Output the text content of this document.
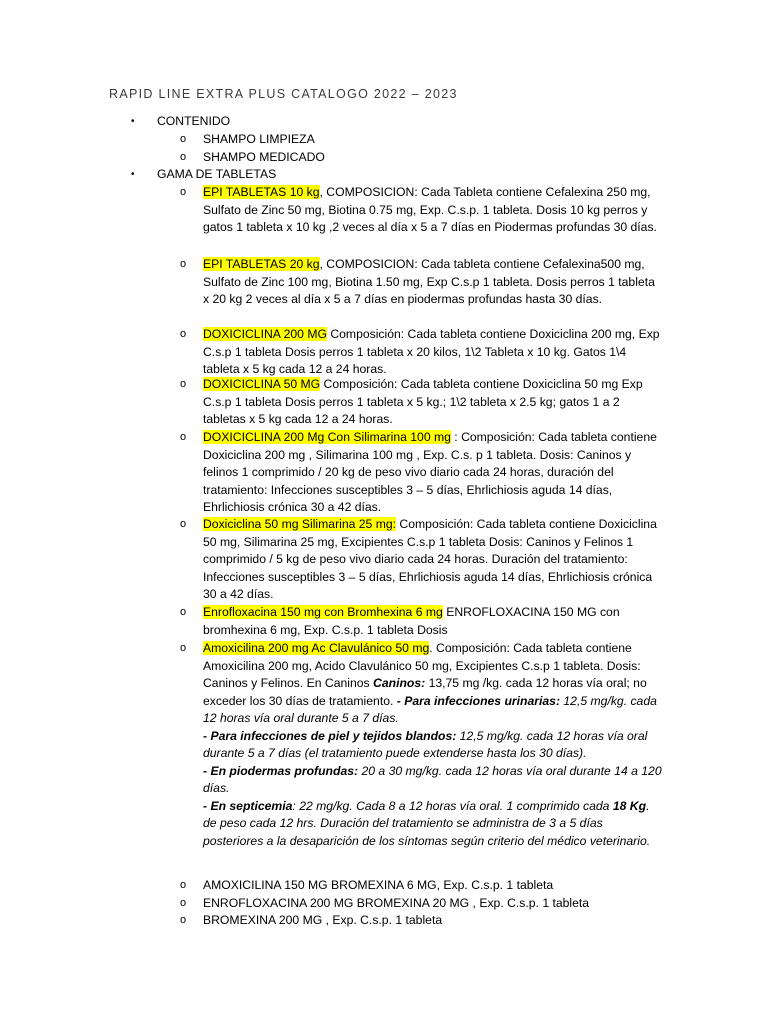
RAPID LINE EXTRA PLUS CATALOGO 2022 – 2023
• CONTENIDO
o SHAMPO LIMPIEZA
o SHAMPO MEDICADO
• GAMA DE TABLETAS
o EPI TABLETAS 10 kg, COMPOSICION: Cada Tableta contiene Cefalexina 250 mg, Sulfato de Zinc 50 mg, Biotina 0.75 mg, Exp. C.s.p. 1 tableta. Dosis 10 kg perros y gatos 1 tableta x 10 kg ,2 veces al día x 5 a 7 días en Piodermas profundas 30 días.
o EPI TABLETAS 20 kg, COMPOSICION: Cada tableta contiene Cefalexina500 mg, Sulfato de Zinc 100 mg, Biotina 1.50 mg, Exp C.s.p 1 tableta. Dosis perros 1 tableta x 20 kg 2 veces al día x 5 a 7 días en piodermas profundas hasta 30 días.
o DOXICICLINA 200 MG Composición: Cada tableta contiene Doxiciclina 200 mg, Exp C.s.p 1 tableta Dosis perros 1 tableta x 20 kilos, 1\2 Tableta x 10 kg. Gatos 1\4 tableta x 5 kg cada 12 a 24 horas.
o DOXICICLINA 50 MG Composición: Cada tableta contiene Doxiciclina 50 mg Exp C.s.p 1 tableta Dosis perros 1 tableta x 5 kg.; 1\2 tableta x 2.5 kg; gatos 1 a 2 tabletas x 5 kg cada 12 a 24 horas.
o DOXICICLINA 200 Mg Con Silimarina 100 mg : Composición: Cada tableta contiene Doxiciclina 200 mg , Silimarina 100 mg , Exp. C.s. p 1 tableta. Dosis: Caninos y felinos 1 comprimido / 20 kg de peso vivo diario cada 24 horas, duración del tratamiento: Infecciones susceptibles 3 – 5 días, Ehrlichiosis aguda 14 días, Ehrlichiosis crónica 30 a 42 días.
o Doxiciclina 50 mg Silimarina 25 mg: Composición: Cada tableta contiene Doxiciclina 50 mg, Silimarina 25 mg, Excipientes C.s.p 1 tableta Dosis: Caninos y Felinos 1 comprimido / 5 kg de peso vivo diario cada 24 horas. Duración del tratamiento: Infecciones susceptibles 3 – 5 días, Ehrlichiosis aguda 14 días, Ehrlichiosis crónica 30 a 42 días.
o Enrofloxacina 150 mg con Bromhexina 6 mg ENROFLOXACINA 150 MG con bromhexina 6 mg, Exp. C.s.p. 1 tableta Dosis
o Amoxicilina 200 mg Ac Clavulánico 50 mg. Composición: Cada tableta contiene Amoxicilina 200 mg, Acido Clavulánico 50 mg, Excipientes C.s.p 1 tableta. Dosis: Caninos y Felinos. En Caninos Caninos: 13,75 mg /kg. cada 12 horas vía oral; no exceder los 30 días de tratamiento. - Para infecciones urinarias: 12,5 mg/kg. cada 12 horas vía oral durante 5 a 7 días.
- Para infecciones de piel y tejidos blandos: 12,5 mg/kg. cada 12 horas vía oral durante 5 a 7 días (el tratamiento puede extenderse hasta los 30 días).
- En piodermas profundas: 20 a 30 mg/kg. cada 12 horas vía oral durante 14 a 120 días.
- En septicemia: 22 mg/kg. Cada 8 a 12 horas vía oral. 1 comprimido cada 18 Kg. de peso cada 12 hrs. Duración del tratamiento se administra de 3 a 5 días posteriores a la desaparición de los síntomas según criterio del médico veterinario.
o AMOXICILINA 150 MG BROMEXINA 6 MG, Exp. C.s.p. 1 tableta
o ENROFLOXACINA 200 MG BROMEXINA 20 MG , Exp. C.s.p. 1 tableta
o BROMEXINA 200 MG , Exp. C.s.p. 1 tableta
